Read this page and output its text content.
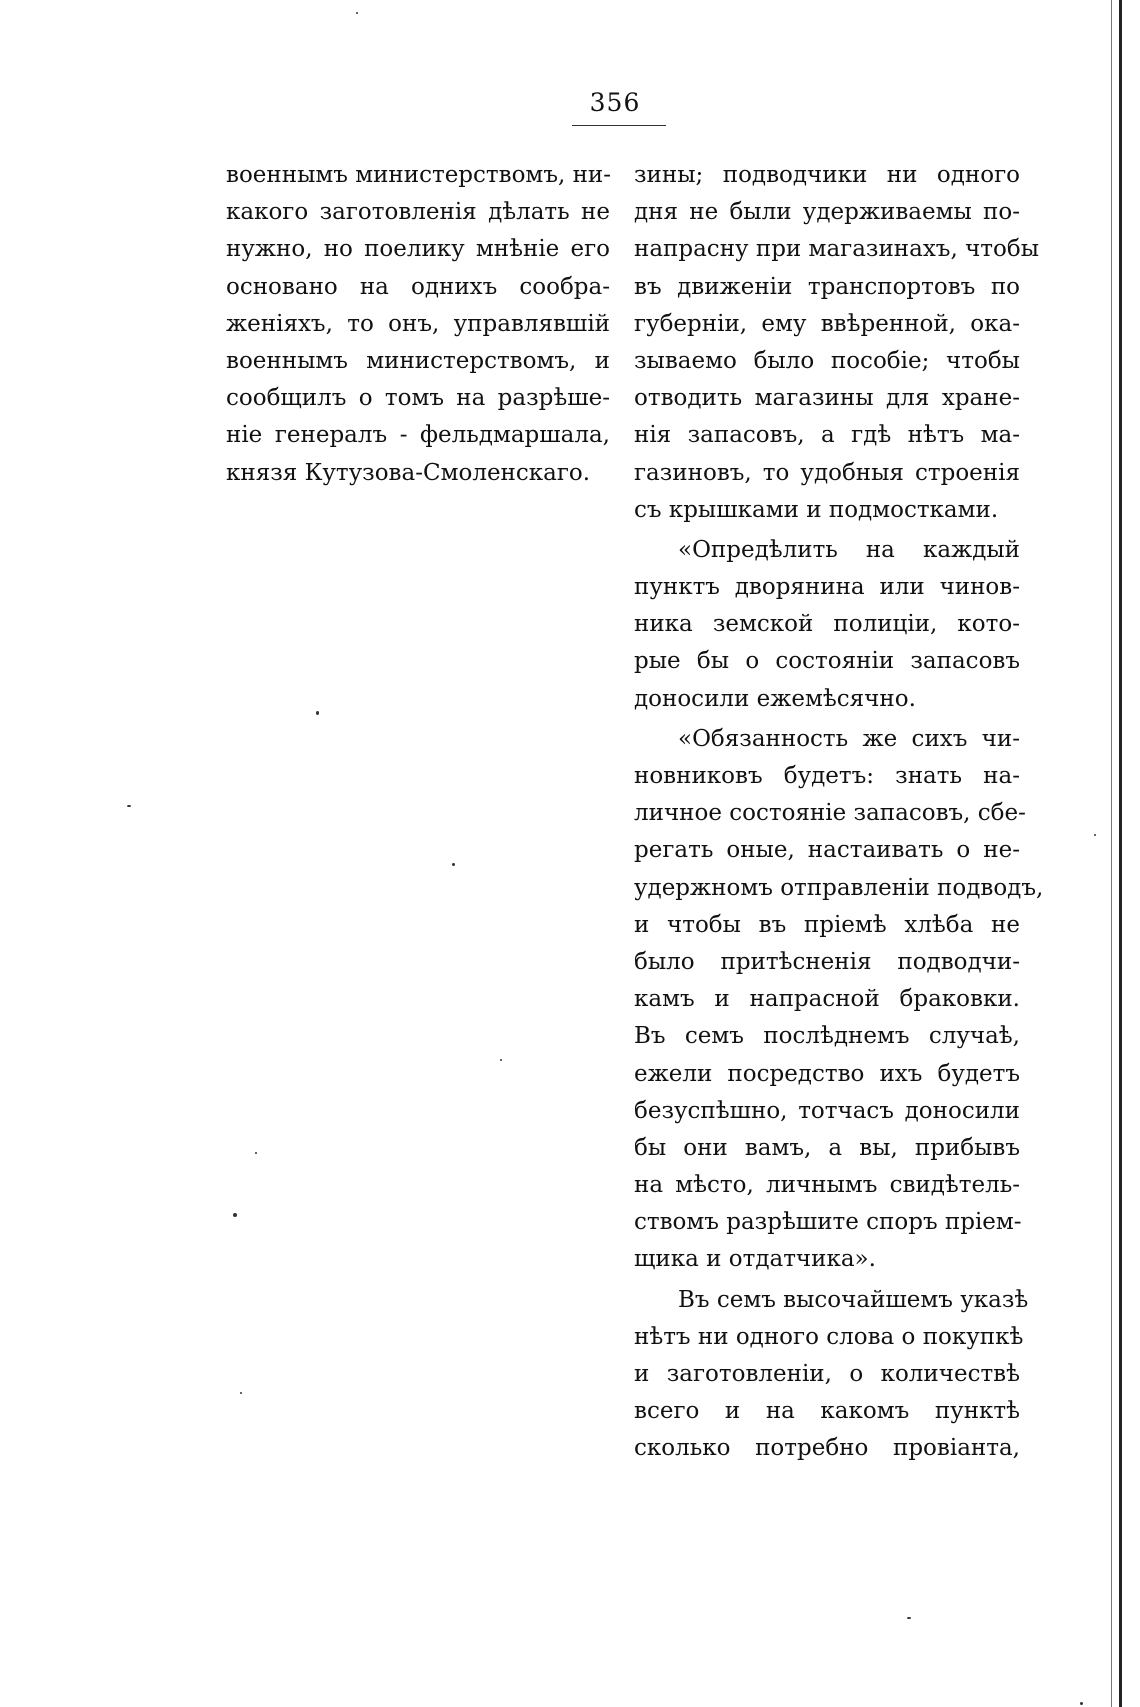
356
военнымъ министерствомъ, ни-
какого заготовленія дѣлать не
нужно, но поелику мнѣніе его
основано на однихъ сообра-
женіяхъ, то онъ, управлявшій
военнымъ министерствомъ, и
сообщилъ о томъ на разрѣше-
ніе генералъ - фельдмаршала,
князя Кутузова-Смоленскаго.
зины; подводчики ни одного
дня не были удерживаемы по-
напрасну при магазинахъ, чтобы
въ движеніи транспортовъ по
губерніи, ему ввѣренной, ока-
зываемо было пособіе; чтобы
отводить магазины для хране-
нія запасовъ, а гдѣ нѣтъ ма-
газиновъ, то удобныя строенія
съ крышками и подмостками.
«Опредѣлить на каждый
пунктъ дворянина или чинов-
ника земской полиціи, кото-
рые бы о состояніи запасовъ
доносили ежемѣсячно.
«Обязанность же сихъ чи-
новниковъ будетъ: знать на-
личное состояніе запасовъ, сбе-
регать оные, настаивать о не-
удержномъ отправленіи подводъ,
и чтобы въ пріемѣ хлѣба не
было притѣсненія подводчи-
камъ и напрасной браковки.
Въ семъ послѣднемъ случаѣ,
ежели посредство ихъ будетъ
безуспѣшно, тотчасъ доносили
бы они вамъ, а вы, прибывъ
на мѣсто, личнымъ свидѣтель-
ствомъ разрѣшите споръ пріем-
щика и отдатчика».
Въ семъ высочайшемъ указѣ
нѣтъ ни одного слова о покупкѣ
и заготовленіи, о количествѣ
всего и на какомъ пунктѣ
сколько потребно провіанта,
